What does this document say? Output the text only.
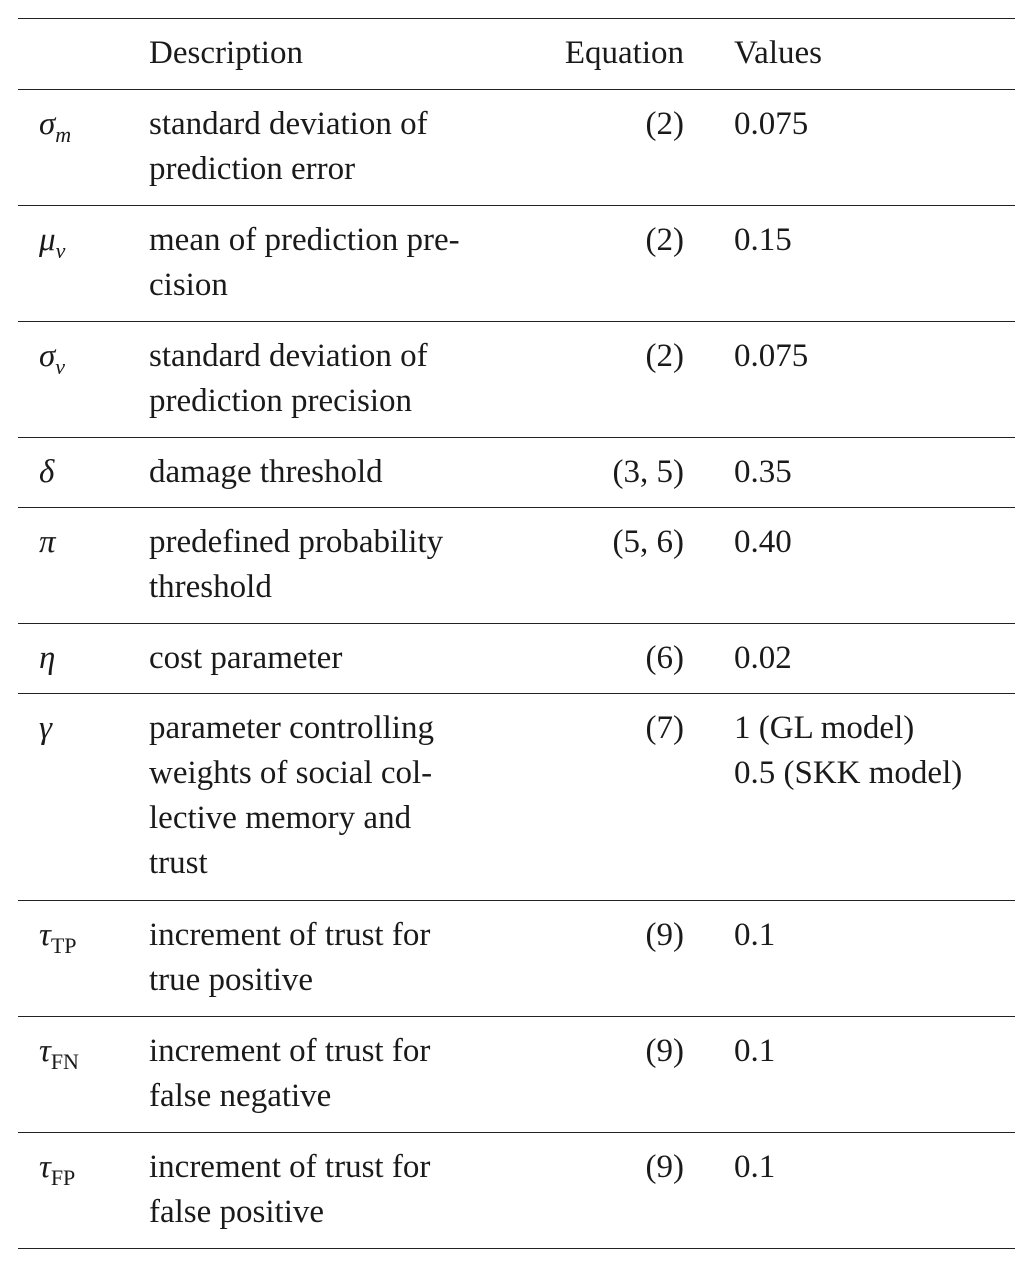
Description	Equation	Values
$\sigma_m$	standard deviation of
prediction error
(2) 0.075
$\mu_v$	mean of prediction pre-
cision
(2) 0.15
$\sigma_v$	standard deviation of
prediction precision
(2) 0.075
δ	damage threshold	(3, 5) 0.35
π	predefined probability
threshold
(5, 6) 0.40
η	cost parameter	(6) 0.02
γ	parameter controlling
weights of social col-
lective memory and
trust
(7) 1 (GL model)
0.5 (SKK model)
$\tau_{TP}$	increment of trust for
true positive
(9) 0.1
$\tau_{FN}$	increment of trust for
false negative
(9) 0.1
$\tau_{FP}$	increment of trust for
false positive
(9) 0.1
